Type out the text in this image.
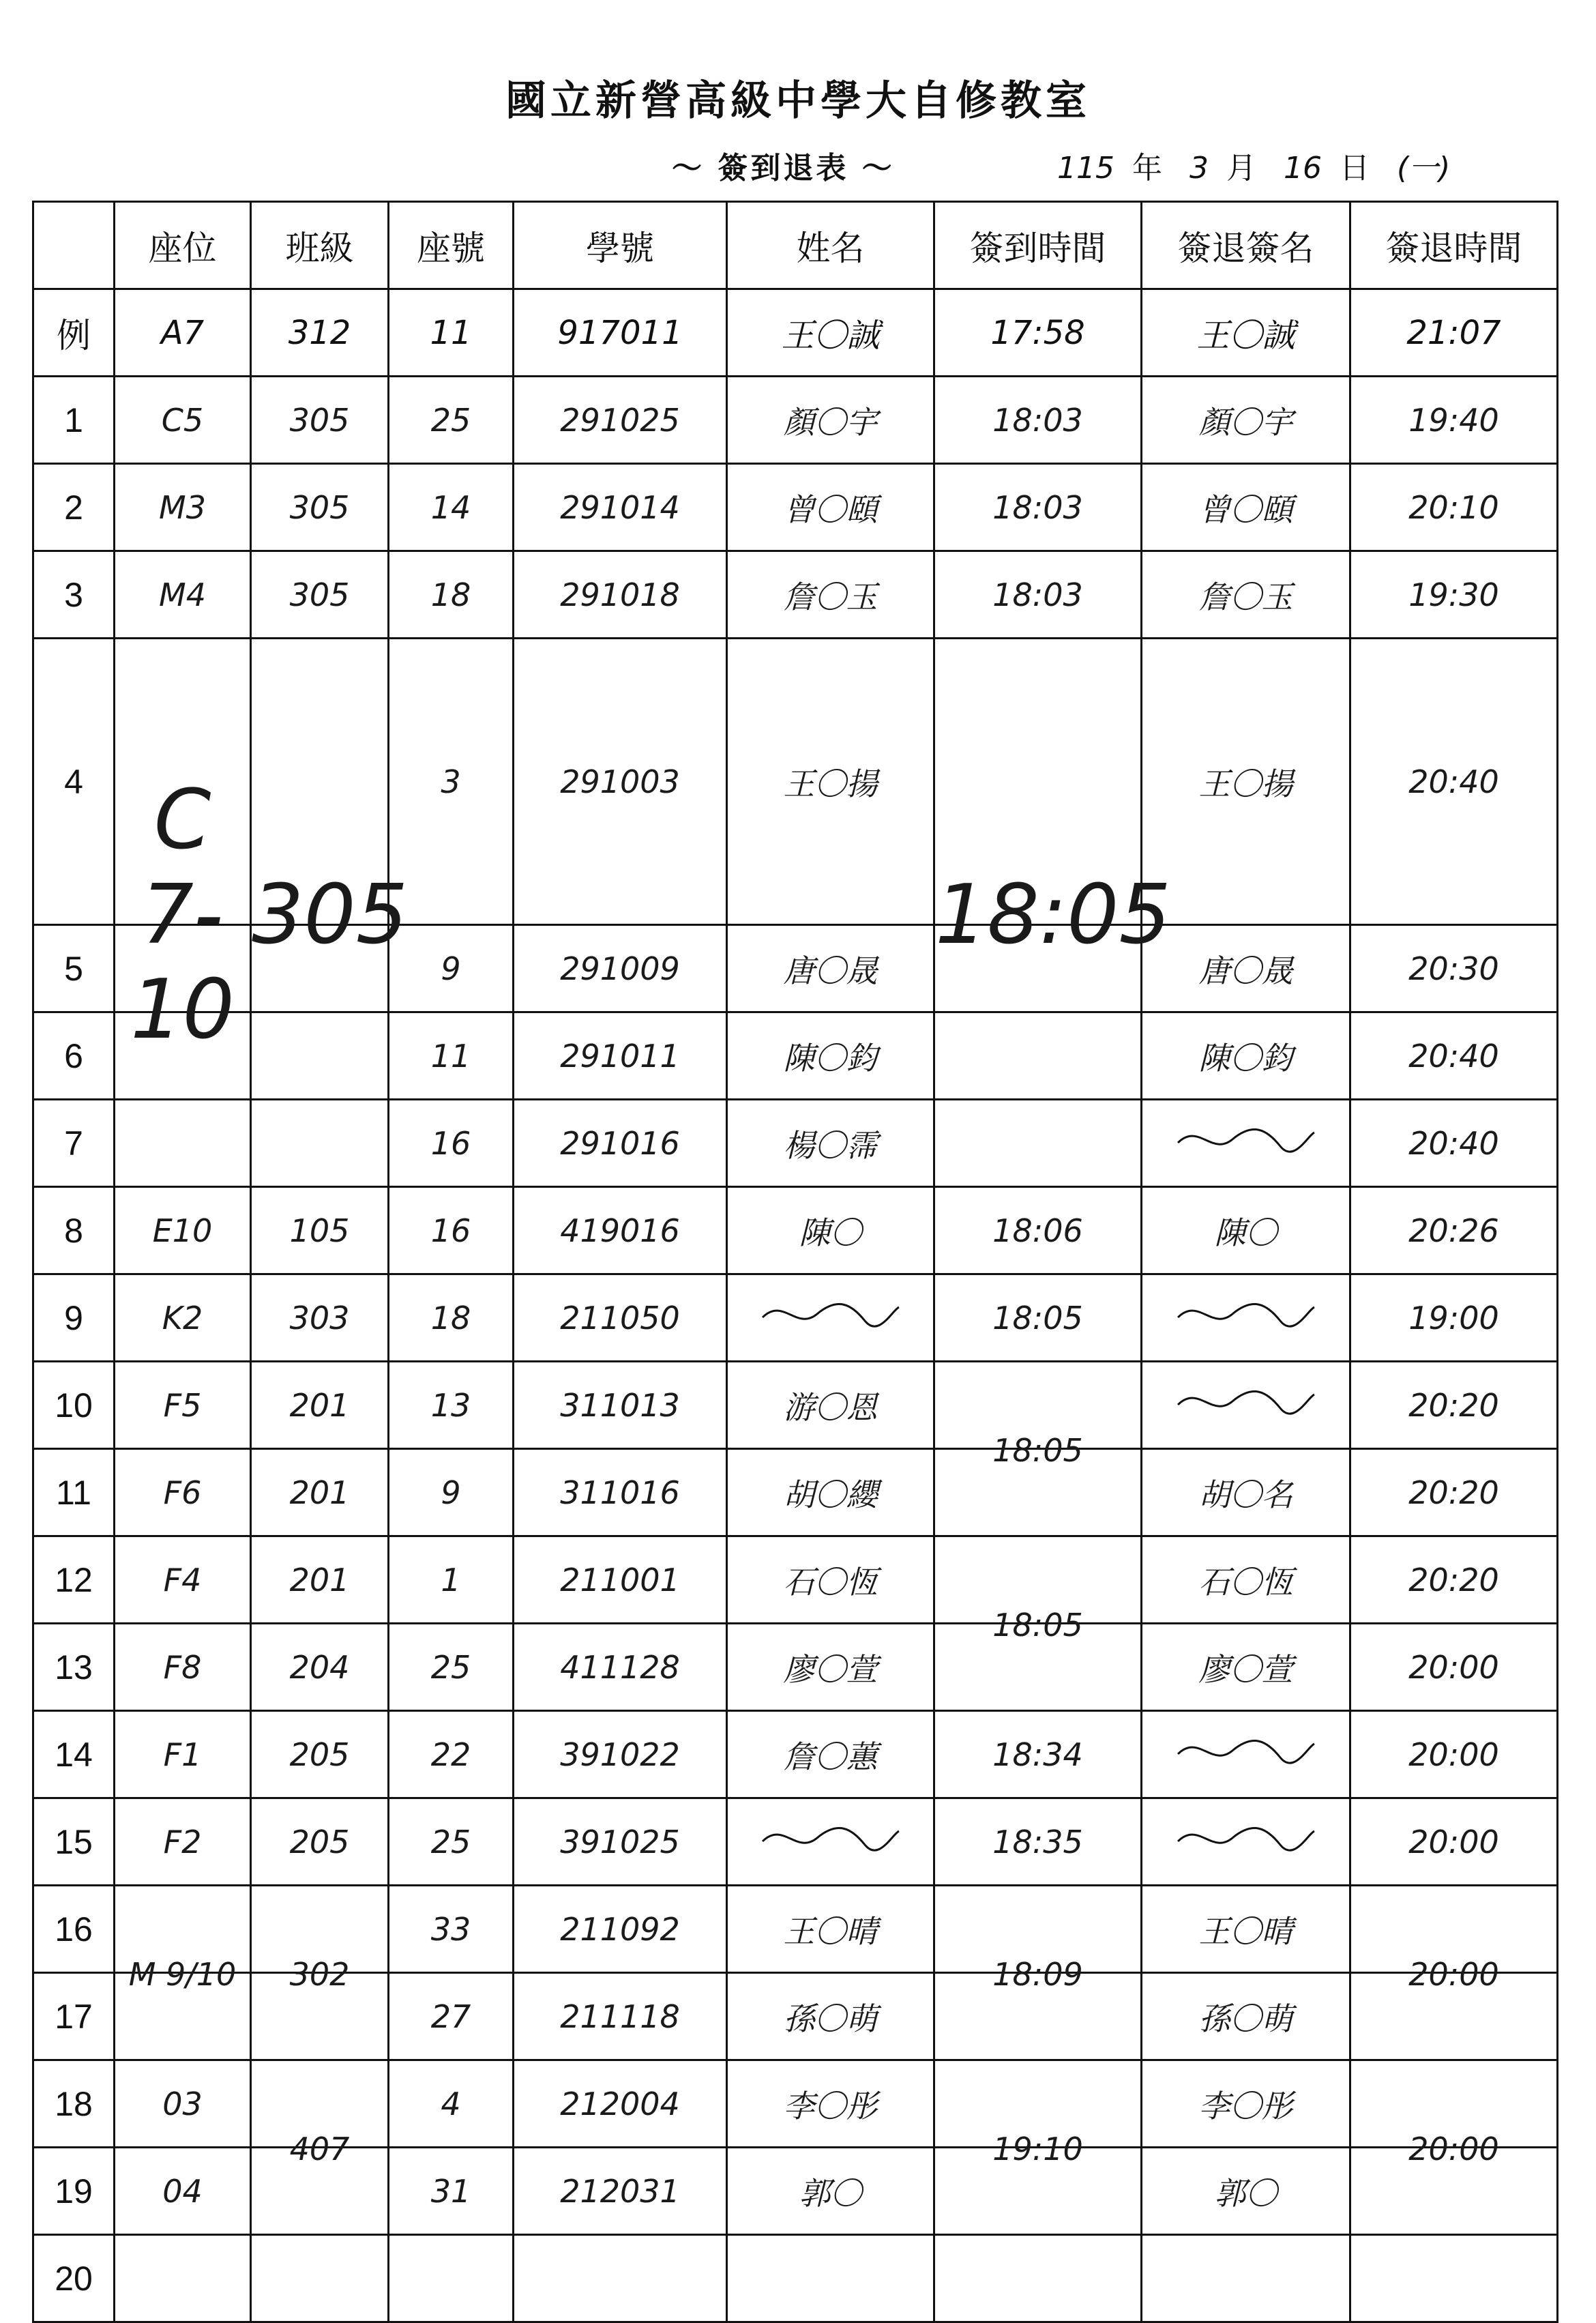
國立新營高級中學大自修教室
～ 簽到退表 ～	115 年 3 月 16 日 (一)
	座位	班級	座號	學號	姓名	簽到時間	簽退簽名	簽退時間
例	A7	312	11	917011	王〇誠	17:58	王〇誠	21:07
1	C5	305	25	291025	顏〇宇	18:03	顏〇宇	19:40
2	M3	305	14	291014	曾〇頤	18:03	曾〇頤	20:10
3	M4	305	18	291018	詹〇玉	18:03	詹〇玉	19:30
4	C 7-10	305	3	291003	王〇揚	18:05	王〇揚	20:40
5			9	291009	唐〇晟		唐〇晟	20:30
6			11	291011	陳〇鈞		陳〇鈞	20:40
7			16	291016	楊〇霈			20:40
8	E10	105	16	419016	陳〇	18:06	陳〇	20:26
9	K2	303	18	211050		18:05		19:00
10	F5	201	13	311013	游〇恩	18:05		20:20
11	F6	201	9	311016	胡〇纓		胡〇名	20:20
12	F4	201	1	211001	石〇恆	18:05	石〇恆	20:20
13	F8	204	25	411128	廖〇萱		廖〇萱	20:00
14	F1	205	22	391022	詹〇蕙	18:34		20:00
15	F2	205	25	391025		18:35		20:00
16	M 9/10	302	33	211092	王〇晴	18:09	王〇晴	20:00

17			27	211118	孫〇萌		孫〇萌	
18	03	407	4	212004	李〇彤	19:10	李〇彤	20:00

19	04		31	212031	郭〇		郭〇	
20								
